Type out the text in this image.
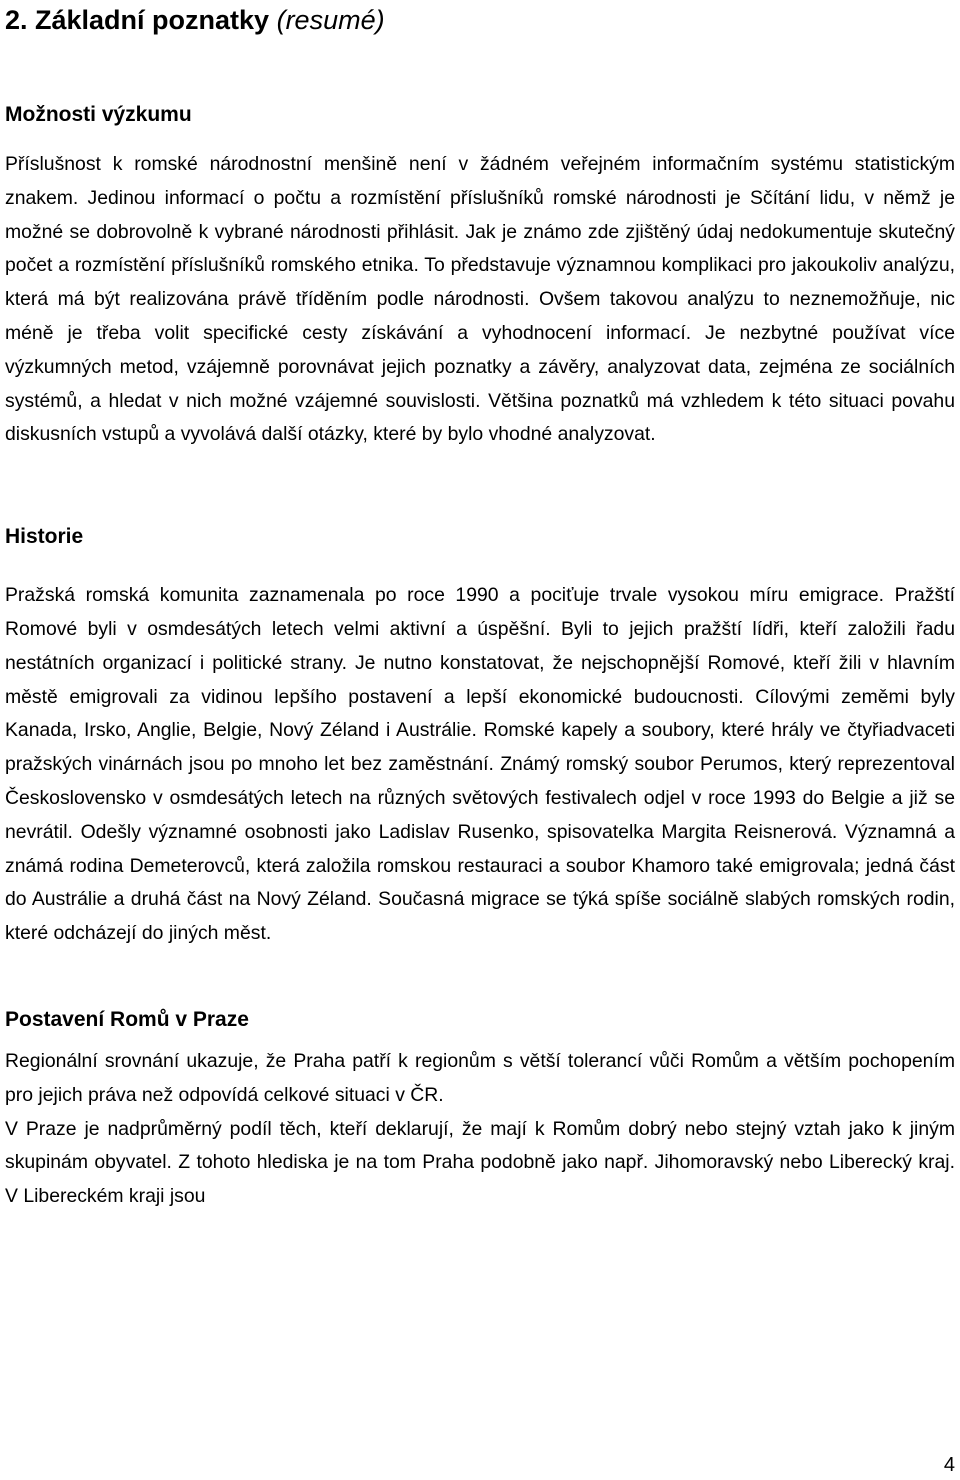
2. Základní poznatky (resumé)
Možnosti výzkumu

Příslušnost k romské národnostní menšině není v žádném veřejném informačním systému statistickým znakem. Jedinou informací o počtu a rozmístění příslušníků romské národnosti je Sčítání lidu, v němž je možné se dobrovolně k vybrané národnosti přihlásit. Jak je známo zde zjištěný údaj nedokumentuje skutečný počet a rozmístění příslušníků romského etnika. To představuje významnou komplikaci pro jakoukoliv analýzu, která má být realizována právě tříděním podle národnosti. Ovšem takovou analýzu to neznemožňuje, nic méně je třeba volit specifické cesty získávání a vyhodnocení informací. Je nezbytné používat více výzkumných metod, vzájemně porovnávat jejich poznatky a závěry, analyzovat data, zejména ze sociálních systémů, a hledat v nich možné vzájemné souvislosti. Většina poznatků má vzhledem k této situaci povahu diskusních vstupů a vyvolává další otázky, které by bylo vhodné analyzovat.

Historie

Pražská romská komunita zaznamenala po roce 1990 a pociťuje trvale vysokou míru emigrace. Pražští Romové byli v osmdesátých letech velmi aktivní a úspěšní. Byli to jejich pražští lídři, kteří založili řadu nestátních organizací i politické strany. Je nutno konstatovat, že nejschopnější Romové, kteří žili v hlavním městě emigrovali za vidinou lepšího postavení a lepší ekonomické budoucnosti. Cílovými zeměmi byly Kanada, Irsko, Anglie, Belgie, Nový Zéland i Austrálie. Romské kapely a soubory, které hrály ve čtyřiadvaceti pražských vinárnách jsou po mnoho let bez zaměstnání. Známý romský soubor Perumos, který reprezentoval Československo v osmdesátých letech na různých světových festivalech odjel v roce 1993 do Belgie a již se nevrátil. Odešly významné osobnosti jako Ladislav Rusenko, spisovatelka Margita Reisnerová. Významná a známá rodina Demeterovců, která založila romskou restauraci a soubor Khamoro také emigrovala; jedná část do Austrálie a druhá část na Nový Zéland. Současná migrace se týká spíše sociálně slabých romských rodin, které odcházejí do jiných měst.

Postavení Romů v Praze

Regionální srovnání ukazuje, že Praha patří k regionům s větší tolerancí vůči Romům a větším pochopením pro jejich práva než odpovídá celkové situaci v ČR.

V Praze je nadprůměrný podíl těch, kteří deklarují, že mají k Romům dobrý nebo stejný vztah jako k jiným skupinám obyvatel. Z tohoto hlediska je na tom Praha podobně jako např. Jihomoravský nebo Liberecký kraj. V Libereckém kraji jsou

4
